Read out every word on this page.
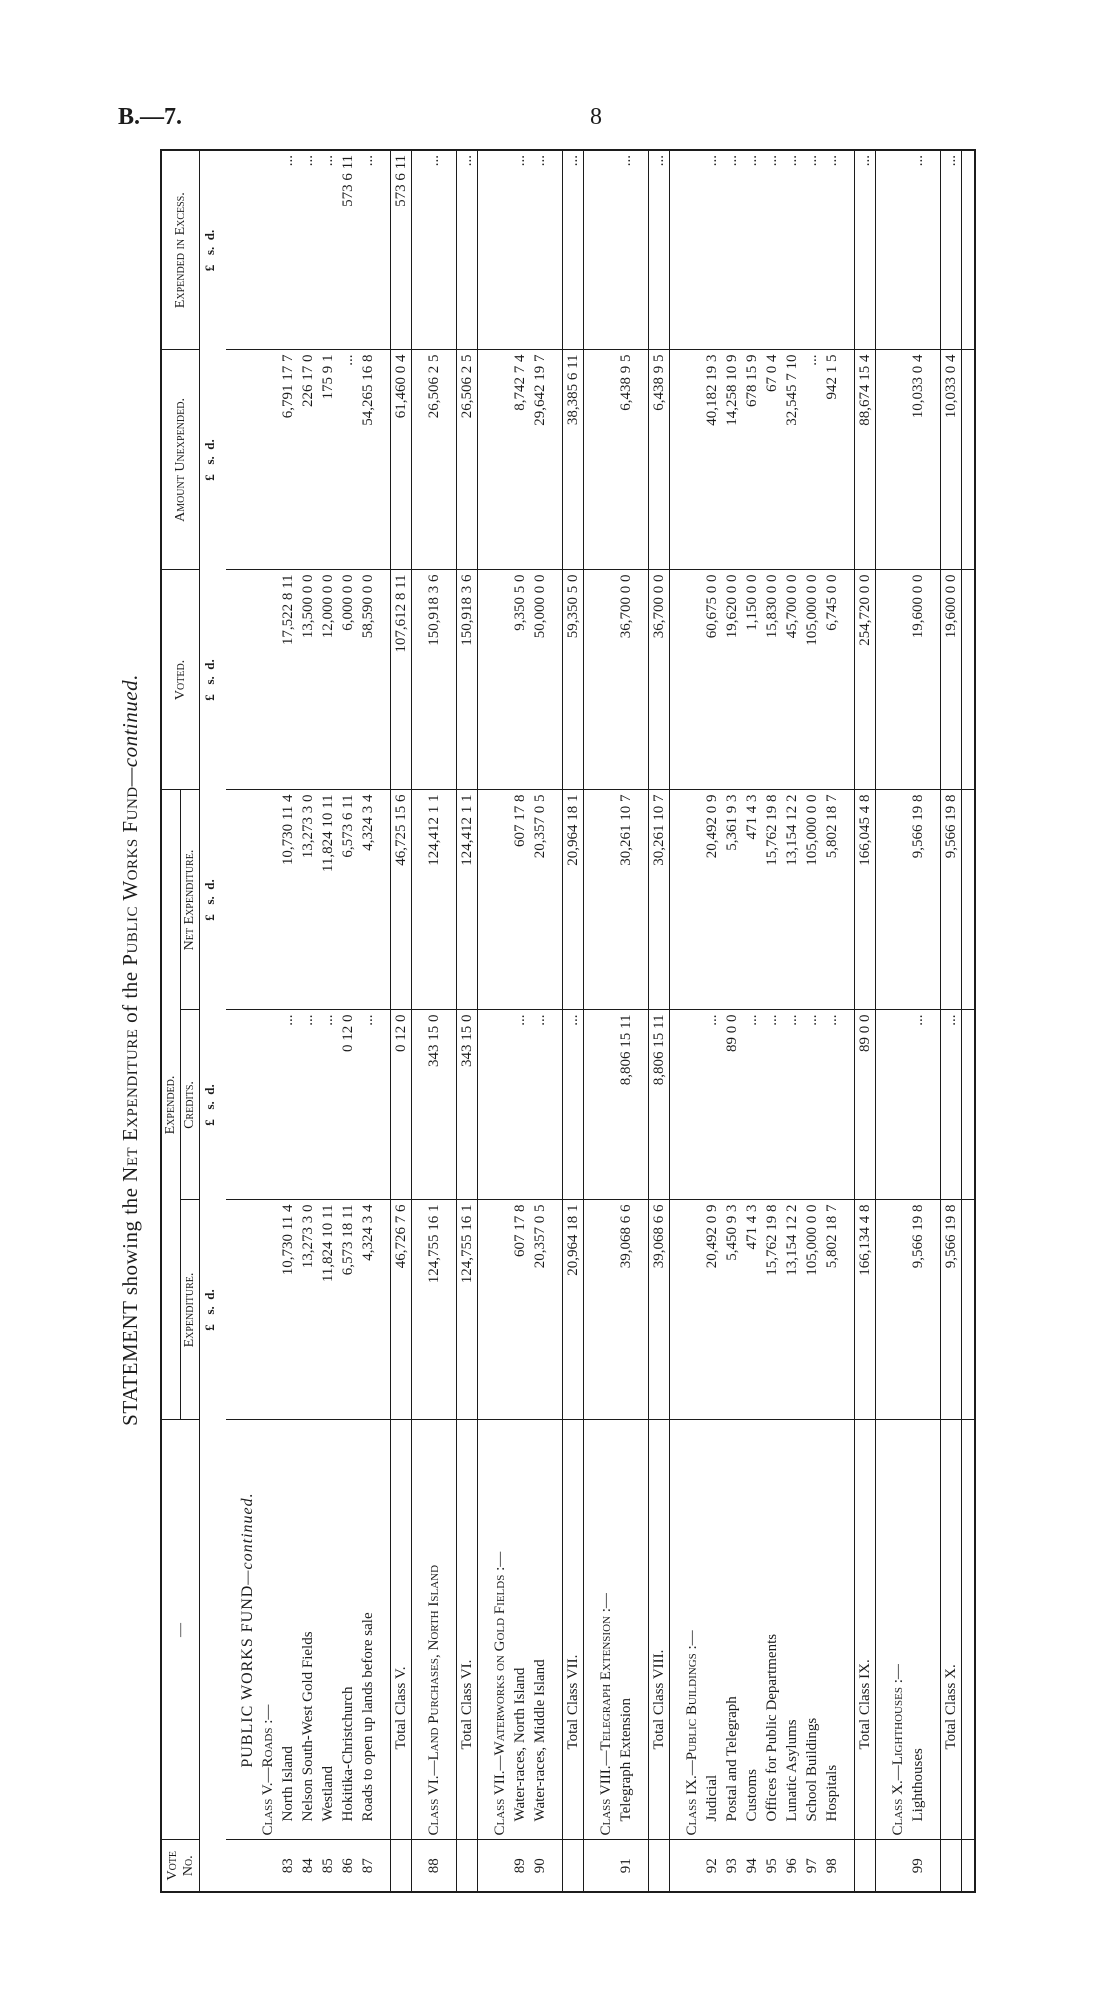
B.—7.	8
STATEMENT showing the Net Expenditure of the Public Works Fund—continued.
Vote No.	—	Expended.			Voted.	Amount Unexpended.	Expended in Excess.
		Expenditure.	Credits.	Net Expenditure.			
		£   s.  d.	£   s.  d.	£   s.  d.	£   s.  d.	£   s.  d.	£   s.  d.
	PUBLIC WORKS FUND—continued.						
	Class V.—Roads :—						
83	North Island	10,730 11 4	...	10,730 11 4	17,522 8 11	6,791 17 7	...
84	Nelson South-West Gold Fields	13,273 3 0	...	13,273 3 0	13,500 0 0	226 17 0	...
85	Westland	11,824 10 11	...	11,824 10 11	12,000 0 0	175 9 1	...
86	Hokitika-Christchurch	6,573 18 11	0 12 0	6,573 6 11	6,000 0 0	...	573 6 11
87	Roads to open up lands before sale	4,324 3 4	...	4,324 3 4	58,590 0 0	54,265 16 8	...

	Total Class V.	46,726 7 6	0 12 0	46,725 15 6	107,612 8 11	61,460 0 4	573 6 11

88	Class VI.—Land Purchases, North Island	124,755 16 1	343 15 0	124,412 1 1	150,918 3 6	26,506 2 5	...

	Total Class VI.	124,755 16 1	343 15 0	124,412 1 1	150,918 3 6	26,506 2 5	...

	Class VII.—Waterworks on Gold Fields :—						
89	Water-races, North Island	607 17 8	...	607 17 8	9,350 5 0	8,742 7 4	...
90	Water-races, Middle Island	20,357 0 5	...	20,357 0 5	50,000 0 0	29,642 19 7	...

	Total Class VII.	20,964 18 1	...	20,964 18 1	59,350 5 0	38,385 6 11	...

	Class VIII.—Telegraph Extension :—						
91	Telegraph Extension	39,068 6 6	8,806 15 11	30,261 10 7	36,700 0 0	6,438 9 5	...

	Total Class VIII.	39,068 6 6	8,806 15 11	30,261 10 7	36,700 0 0	6,438 9 5	...

	Class IX.—Public Buildings :—						
92	Judicial	20,492 0 9	...	20,492 0 9	60,675 0 0	40,182 19 3	...
93	Postal and Telegraph	5,450 9 3	89 0 0	5,361 9 3	19,620 0 0	14,258 10 9	...
94	Customs	471 4 3	...	471 4 3	1,150 0 0	678 15 9	...
95	Offices for Public Departments	15,762 19 8	...	15,762 19 8	15,830 0 0	67 0 4	...
96	Lunatic Asylums	13,154 12 2	...	13,154 12 2	45,700 0 0	32,545 7 10	...
97	School Buildings	105,000 0 0	...	105,000 0 0	105,000 0 0	...	...
98	Hospitals	5,802 18 7	...	5,802 18 7	6,745 0 0	942 1 5	...

	Total Class IX.	166,134 4 8	89 0 0	166,045 4 8	254,720 0 0	88,674 15 4	...

	Class X.—Lighthouses :—						
99	Lighthouses	9,566 19 8	...	9,566 19 8	19,600 0 0	10,033 0 4	...

	Total Class X.	9,566 19 8	...	9,566 19 8	19,600 0 0	10,033 0 4	...
